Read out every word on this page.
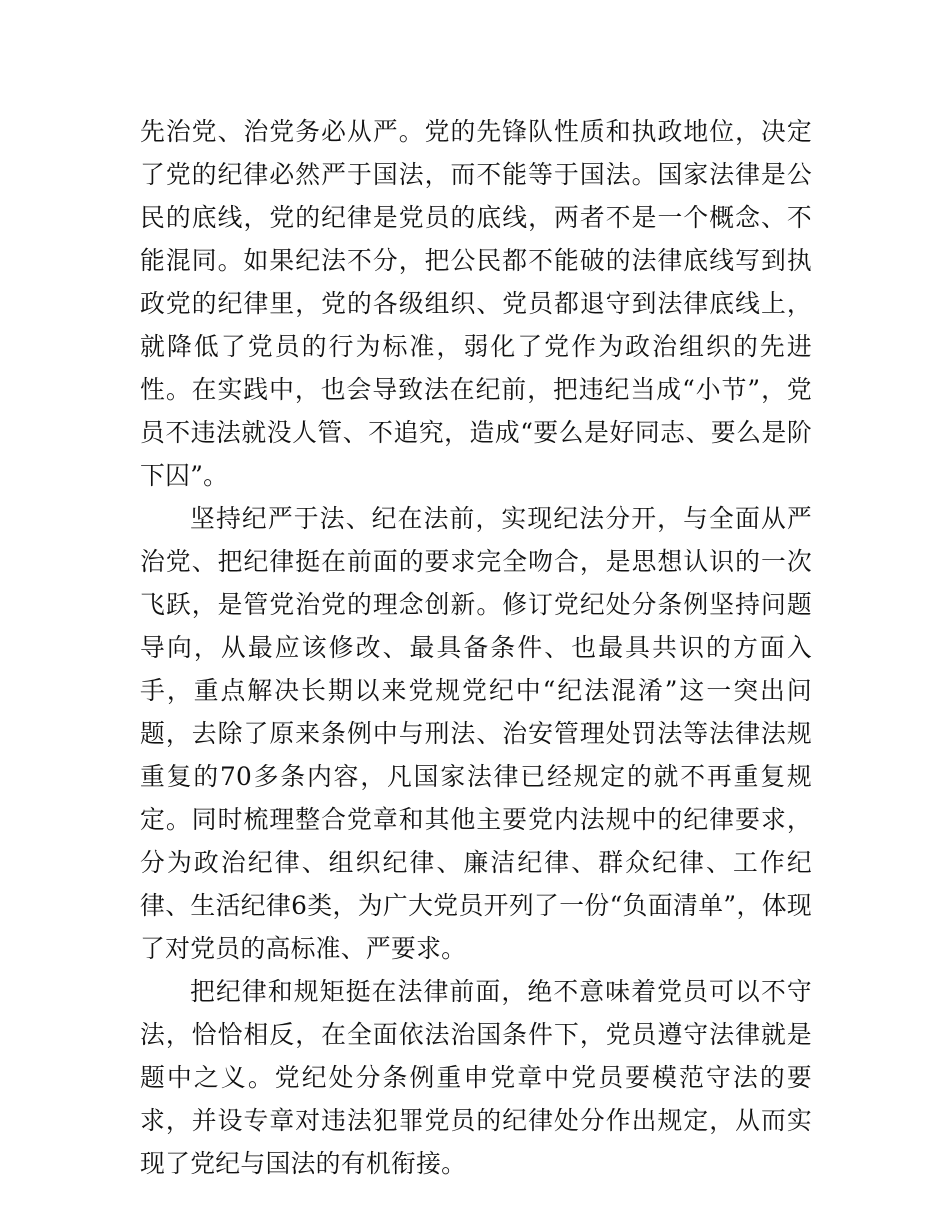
先治党、治党务必从严。党的先锋队性质和执政地位，决定了党的纪律必然严于国法，而不能等于国法。国家法律是公民的底线，党的纪律是党员的底线，两者不是一个概念、不能混同。如果纪法不分，把公民都不能破的法律底线写到执政党的纪律里，党的各级组织、党员都退守到法律底线上，就降低了党员的行为标准，弱化了党作为政治组织的先进性。在实践中，也会导致法在纪前，把违纪当成“小节”，党员不违法就没人管、不追究，造成“要么是好同志、要么是阶下囚”。

坚持纪严于法、纪在法前，实现纪法分开，与全面从严治党、把纪律挺在前面的要求完全吻合，是思想认识的一次飞跃，是管党治党的理念创新。修订党纪处分条例坚持问题导向，从最应该修改、最具备条件、也最具共识的方面入手，重点解决长期以来党规党纪中“纪法混淆”这一突出问题，去除了原来条例中与刑法、治安管理处罚法等法律法规重复的70多条内容，凡国家法律已经规定的就不再重复规定。同时梳理整合党章和其他主要党内法规中的纪律要求，分为政治纪律、组织纪律、廉洁纪律、群众纪律、工作纪律、生活纪律6类，为广大党员开列了一份“负面清单”，体现了对党员的高标准、严要求。

把纪律和规矩挺在法律前面，绝不意味着党员可以不守法，恰恰相反，在全面依法治国条件下，党员遵守法律就是题中之义。党纪处分条例重申党章中党员要模范守法的要求，并设专章对违法犯罪党员的纪律处分作出规定，从而实现了党纪与国法的有机衔接。
